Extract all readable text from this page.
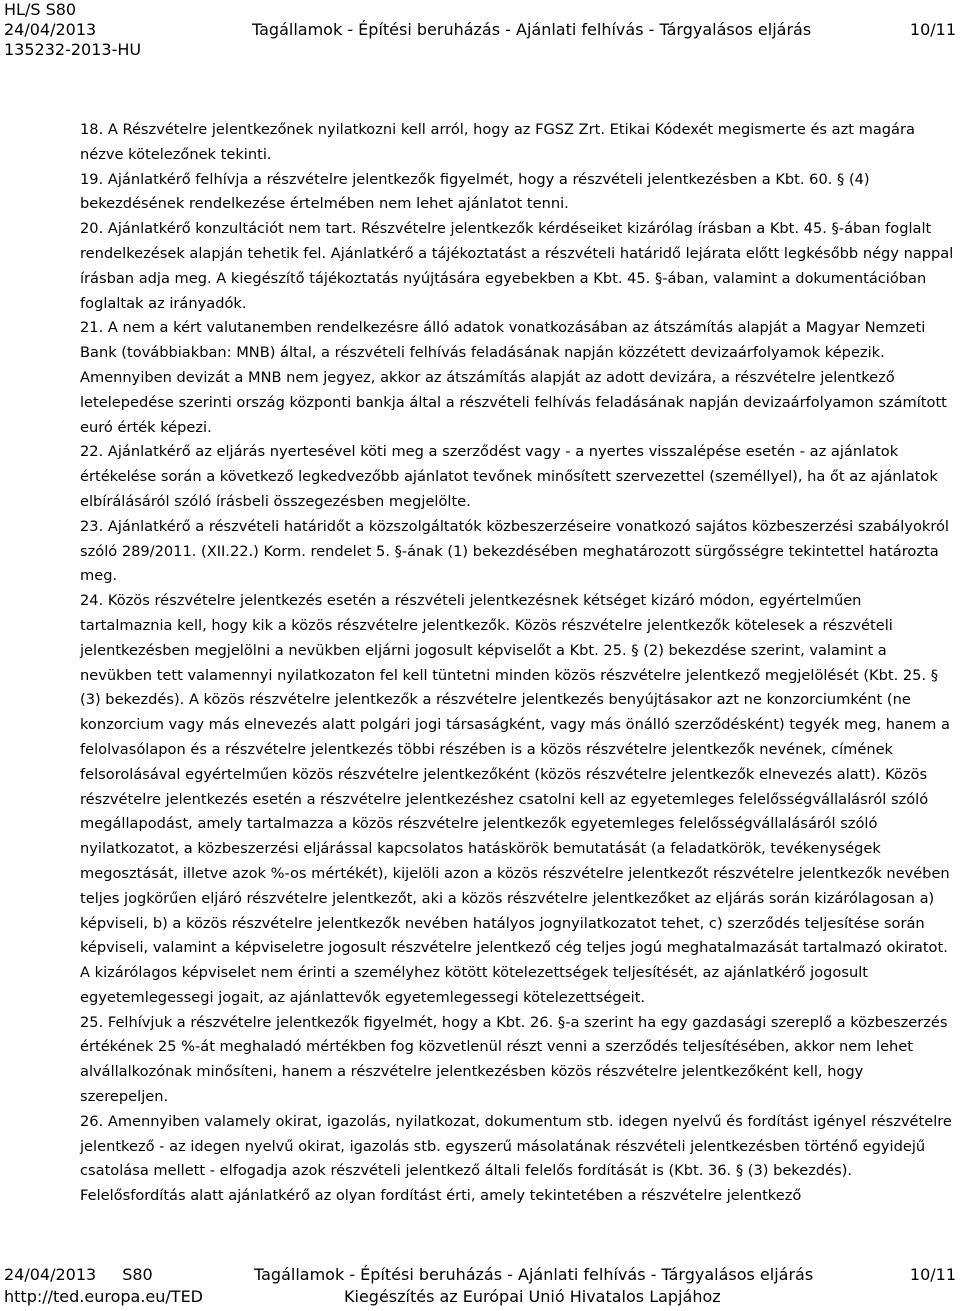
HL/S S80
24/04/2013	Tagállamok - Építési beruházás - Ajánlati felhívás - Tárgyalásos eljárás	10/11
135232-2013-HU

18. A Részvételre jelentkezőnek nyilatkozni kell arról, hogy az FGSZ Zrt. Etikai Kódexét megismerte és azt magára nézve kötelezőnek tekinti.

19. Ajánlatkérő felhívja a részvételre jelentkezők figyelmét, hogy a részvételi jelentkezésben a Kbt. 60. § (4) bekezdésének rendelkezése értelmében nem lehet ajánlatot tenni.

20. Ajánlatkérő konzultációt nem tart. Részvételre jelentkezők kérdéseiket kizárólag írásban a Kbt. 45. §-ában foglalt rendelkezések alapján tehetik fel. Ajánlatkérő a tájékoztatást a részvételi határidő lejárata előtt legkésőbb négy nappal írásban adja meg. A kiegészítő tájékoztatás nyújtására egyebekben a Kbt. 45. §-ában, valamint a dokumentációban foglaltak az irányadók.

21. A nem a kért valutanemben rendelkezésre álló adatok vonatkozásában az átszámítás alapját a Magyar Nemzeti Bank (továbbiakban: MNB) által, a részvételi felhívás feladásának napján közzétett devizaárfolyamok képezik. Amennyiben devizát a MNB nem jegyez, akkor az átszámítás alapját az adott devizára, a részvételre jelentkező letelepedése szerinti ország központi bankja által a részvételi felhívás feladásának napján devizaárfolyamon számított euró érték képezi.

22. Ajánlatkérő az eljárás nyertesével köti meg a szerződést vagy - a nyertes visszalépése esetén - az ajánlatok értékelése során a következő legkedvezőbb ajánlatot tevőnek minősített szervezettel (személlyel), ha őt az ajánlatok elbírálásáról szóló írásbeli összegezésben megjelölte.

23. Ajánlatkérő a részvételi határidőt a közszolgáltatók közbeszerzéseire vonatkozó sajátos közbeszerzési szabályokról szóló 289/2011. (XII.22.) Korm. rendelet 5. §-ának (1) bekezdésében meghatározott sürgősségre tekintettel határozta meg.

24. Közös részvételre jelentkezés esetén a részvételi jelentkezésnek kétséget kizáró módon, egyértelműen tartalmaznia kell, hogy kik a közös részvételre jelentkezők. Közös részvételre jelentkezők kötelesek a részvételi jelentkezésben megjelölni a nevükben eljárni jogosult képviselőt a Kbt. 25. § (2) bekezdése szerint, valamint a nevükben tett valamennyi nyilatkozaton fel kell tüntetni minden közös részvételre jelentkező megjelölését (Kbt. 25. § (3) bekezdés). A közös részvételre jelentkezők a részvételre jelentkezés benyújtásakor azt ne konzorciumként (ne konzorcium vagy más elnevezés alatt polgári jogi társaságként, vagy más önálló szerződésként) tegyék meg, hanem a felolvasólapon és a részvételre jelentkezés többi részében is a közös részvételre jelentkezők nevének, címének felsorolásával egyértelműen közös részvételre jelentkezőként (közös részvételre jelentkezők elnevezés alatt). Közös részvételre jelentkezés esetén a részvételre jelentkezéshez csatolni kell az egyetemleges felelősségvállalásról szóló megállapodást, amely tartalmazza a közös részvételre jelentkezők egyetemleges felelősségvállalásáról szóló nyilatkozatot, a közbeszerzési eljárással kapcsolatos hatáskörök bemutatását (a feladatkörök, tevékenységek megosztását, illetve azok %-os mértékét), kijelöli azon a közös részvételre jelentkezőt részvételre jelentkezők nevében teljes jogkörűen eljáró részvételre jelentkezőt, aki a közös részvételre jelentkezőket az eljárás során kizárólagosan a) képviseli, b) a közös részvételre jelentkezők nevében hatályos jognyilatkozatot tehet, c) szerződés teljesítése során képviseli, valamint a képviseletre jogosult részvételre jelentkező cég teljes jogú meghatalmazását tartalmazó okiratot. A kizárólagos képviselet nem érinti a személyhez kötött kötelezettségek teljesítését, az ajánlatkérő jogosult egyetemlegessegi jogait, az ajánlattevők egyetemlegessegi kötelezettségeit.

25. Felhívjuk a részvételre jelentkezők figyelmét, hogy a Kbt. 26. §-a szerint ha egy gazdasági szereplő a közbeszerzés értékének 25 %-át meghaladó mértékben fog közvetlenül részt venni a szerződés teljesítésében, akkor nem lehet alvállalkozónak minősíteni, hanem a részvételre jelentkezésben közös részvételre jelentkezőként kell, hogy szerepeljen.

26. Amennyiben valamely okirat, igazolás, nyilatkozat, dokumentum stb. idegen nyelvű és fordítást igényel részvételre jelentkező - az idegen nyelvű okirat, igazolás stb. egyszerű másolatának részvételi jelentkezésben történő egyidejű csatolása mellett - elfogadja azok részvételi jelentkező általi felelős fordítását is (Kbt. 36. § (3) bekezdés). Felelősfordítás alatt ajánlatkérő az olyan fordítást érti, amely tekintetében a részvételre jelentkező

24/04/2013 S80	Tagállamok - Építési beruházás - Ajánlati felhívás - Tárgyalásos eljárás	10/11
http://ted.europa.eu/TED	Kiegészítés az Európai Unió Hivatalos Lapjához
